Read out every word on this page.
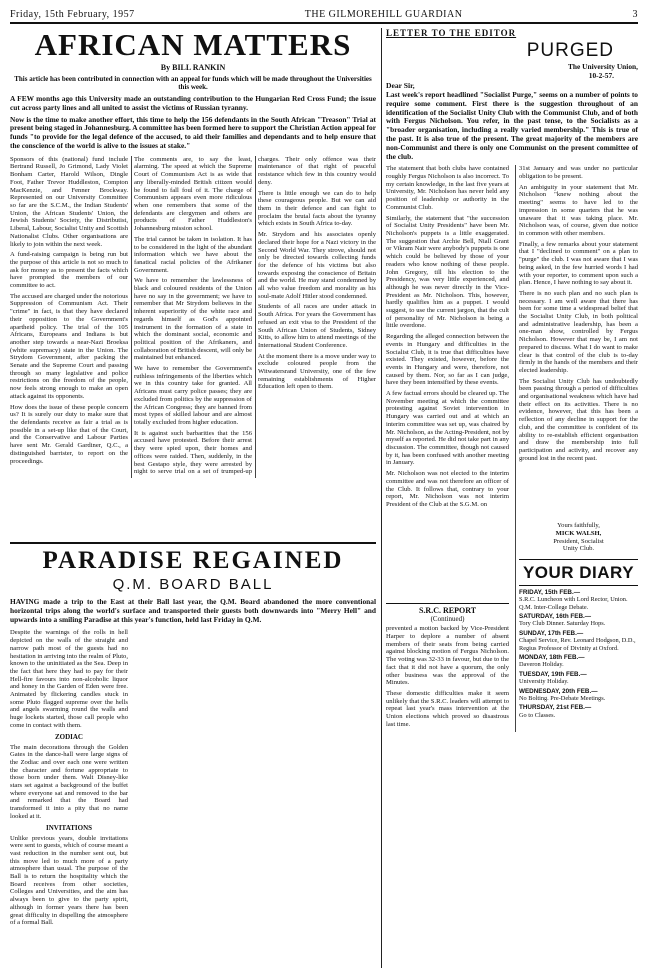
Friday, 15th February, 1957	THE GILMOREHILL GUARDIAN	3
AFRICAN MATTERS
By BILL RANKIN
This article has been contributed in connection with an appeal for funds which will be made throughout the Universities this week.

A FEW months ago this University made an outstanding contribution to the Hungarian Red Cross Fund; the issue cut across party lines and all united to assist the victims of Russian tyranny.

Now is the time to make another effort, this time to help the 156 defendants in the South African "Treason" Trial at present being staged in Johannesburg. A committee has been formed here to support the Christian Action appeal for funds "to provide for the legal defence of the accused, to aid their families and dependants and to help ensure that the conscience of the world is alive to the issues at stake."

Sponsors of this (national) fund include Bertrand Russell, Jo Grimond, Lady Violet Bonham Carter, Harold Wilson, Dingle Foot, Father Trevor Huddleston, Compton MacKenzie, and Fenner Brockway. Represented on our University Committee so far are the S.C.M., the Indian Students' Union, the African Students' Union, the Jewish Students' Society, the Distributist, Liberal, Labour, Socialist Unity and Scottish Nationalist Clubs. Other organisations are likely to join within the next week.

A fund-raising campaign is being run but the purpose of this article is not so much to ask for money as to present the facts which have prompted the members of our committee to act.

The accused are charged under the notorious Suppression of Communism Act. Their "crime" in fact, is that they have declared their opposition to the Government's apartheid policy. The trial of the 105 Africans, Europeans and Indians is but another step towards a near-Nazi Broeksa (white supremacy) state in the Union. The Strydom Government, after packing the Senate and the Supreme Court and passing through so many legislative and police restrictions on the freedom of the people, now feels strong enough to make an open attack against its opponents.

How does the issue of these people concern us? It is surely our duty to make sure that the defendants receive as fair a trial as is possible in a set-up like that of the Court, and the Conservative and Labour Parties have sent Mr. Gerald Gardiner, Q.C., a distinguished barrister, to report on the proceedings.

The comments are, to say the least, alarming. The speed at which the Supreme Court of Communism Act is as wide that any liberally-minded British citizen would be found to fall foul of it. The charge of Communism appears even more ridiculous when one remembers that some of the defendants are clergymen and others are products of Father Huddleston's Johannesburg mission school.

The trial cannot be taken in isolation. It has to be considered in the light of the abundant information which we have about the fanatical racial policies of the Afrikaner Government.

We have to remember the lawlessness of black and coloured residents of the Union have no say in the government; we have to remember that Mr Strydom believes in the inherent superiority of the white race and regards himself as God's appointed instrument in the formation of a state in which the dominant social, economic and political position of the Afrikaners, and collaboration of British descent, will only be maintained but enhanced.

We have to remember the Government's ruthless infringements of the liberties which we in this country take for granted. All Africans must carry police passes; they are excluded from politics by the suppression of the African Congress; they are banned from most types of skilled labour and are almost totally excluded from higher education.

It is against such barbarities that the 156 accused have protested. Before their arrest they were spied upon, their homes and offices were raided. Then, suddenly, in the best Gestapo style, they were arrested by night to serve trial on a set of trumped-up charges. Their only offence was their maintenance of that right of peaceful resistance which few in this country would deny.

There is little enough we can do to help these courageous people. But we can aid them in their defence and can fight to proclaim the brutal facts about the tyranny which exists in South Africa to-day.

Mr. Strydom and his associates openly declared their hope for a Nazi victory in the Second World War. They strove, should not only be directed towards collecting funds for the defence of his victims but also towards exposing the conscience of Britain and the world. He may stand condemned by all who value freedom and morality as his soul-mate Adolf Hitler stood condemned.

Students of all races are under attack in South Africa. For years the Government has refused an exit visa to the President of the South African Union of Students, Sidney Kitts, to allow him to attend meetings of the International Student Conference.

At the moment there is a move under way to exclude coloured people from the Witwatersrand University, one of the few remaining establishments of Higher Education left open to them.

PARADISE REGAINED
Q.M. BOARD BALL

HAVING made a trip to the East at their Ball last year, the Q.M. Board abandoned the more conventional horizontal trips along the world's surface and transported their guests both downwards into "Merry Hell" and upwards into a smiling Paradise at this year's function, held last Friday in Q.M.

Despite the warnings of the rolls in hell depicted on the walls of the straight and narrow path most of the guests had no hesitation in arriving into the realm of Pluto, known to the uninitiated as the Sea. Deep in the fact that here they had to pay for their Hell-fire favours into non-alcoholic liquor and honey in the Garden of Eden were free. Animated by flickering candles stuck in some Pluto flagged supreme over the hells and angels swarming round the walls and huge lockets started, those call people who come in contact with them.

ZODIAC

The main decorations through the Golden Gates in the dance-hall were large signs of the Zodiac and over each one were written the character and fortune appropriate to those born under them. Walt Disney-like stars set against a background of the buffet where everyone sat and removed to the bar and remarked that the Board had transformed it into a pity that no name looked at it.

INVITATIONS

Unlike previous years, double invitations were sent to guests, which of course meant a vast reduction in the number sent out, but this move led to much more of a party atmosphere than usual. The purpose of the Ball is to return the hospitality which the Board receives from other societies, Colleges and Universities, and the aim has always been to give to the party spirit, although in former years there has been great difficulty in dispelling the atmosphere of a formal Ball.

LETTER TO THE EDITOR
PURGED
The University Union,
10-2-57.
Dear Sir,

Last week's report headlined "Socialist Purge," seems on a number of points to require some comment. First there is the suggestion throughout of an identification of the Socialist Unity Club with the Communist Club, and of both with Fergus Nicholson. You refer, in the past tense, to the Socialists as a "broader organisation, including a really varied membership." This is true of the past. It is also true of the present. The great majority of the members are non-Communist and there is only one Communist on the present committee of the club.

The statement that both clubs have contained roughly Fergus Nicholson is also incorrect. To my certain knowledge, in the last five years at University, Mr. Nicholson has never held any position of leadership or authority in the Communist Club.

Similarly, the statement that "the succession of Socialist Unity Presidents" have been Mr. Nicholson's puppets is a little exaggerated. The suggestion that Archie Bell, Niall Grant or Vikram Nair were anybody's puppets is one which could be believed by those of your readers who know nothing of these people. John Gregory, till his election to the Presidency, was very little experienced, and although he was never directly in the Vice-President as Mr. Nicholson. This, however, hardly qualifies him as a puppet. I would suggest, to use the current jargon, that the cult of personality of Mr. Nicholson is being a little overdone.

Regarding the alleged connection between the events in Hungary and difficulties in the Socialist Club, it is true that difficulties have existed. They existed, however, before the events in Hungary and were, therefore, not caused by them. Nor, so far as I can judge, have they been intensified by these events.

A few factual errors should be cleared up. The November meeting at which the committee protesting against Soviet intervention in Hungary was carried out and at which an interim committee was set up, was chaired by Mr. Nicholson, as the Acting-President, not by myself as reported. He did not take part in any discussion. The committee, though not caused by it, has been confused with another meeting in January.

Mr. Nicholson was not elected to the interim committee and was not therefore an officer of the Club. It follows that, contrary to your report, Mr. Nicholson was not interim President of the Club at the S.G.M. on

S.R.C. REPORT
(Continued)

prevented a motion backed by Vice-President Harper to deplore a number of absent members of their seats from being carried against blocking motion of Fergus Nicholson. The voting was 32-33 in favour, but due to the fact that it did not have a quorum, the only other business was the approval of the Minutes.

These domestic difficulties make it seem unlikely that the S.R.C. leaders will attempt to repeat last year's mass intervention at the Union elections which proved so disastrous last time.

31st January and was under no particular obligation to be present.

An ambiguity in your statement that Mr. Nicholson "knew nothing about the meeting" seems to have led to the impression in some quarters that he was unaware that it was taking place. Mr. Nicholson was, of course, given due notice in common with other members.

Finally, a few remarks about your statement that I "declined to comment" on a plan to "purge" the club. I was not aware that I was being asked, in the few hurried words I had with your reporter, to comment upon such a plan. Hence, I have nothing to say about it.

There is no such plan and no such plan is necessary. I am well aware that there has been for some time a widespread belief that the Socialist Unity Club, in both political and administrative leadership, has been a one-man show, controlled by Fergus Nicholson. However that may be, I am not prepared to discuss. What I do want to make clear is that control of the club is to-day firmly in the hands of the members and their elected leadership.

The Socialist Unity Club has undoubtedly been passing through a period of difficulties and organisational weakness which have had their effect on its activities. There is no evidence, however, that this has been a reflection of any decline in support for the club, and the committee is confident of its ability to re-establish efficient organisation and draw the membership into full participation and activity, and recover any ground lost in the recent past.

Yours faithfully,
MICK WALSH,
President, Socialist
Unity Club.
YOUR DIARY

FRIDAY, 15th FEB.—
S.R.C. Luncheon with Lord Rector, Union. Q.M. Inter-College Debate.

SATURDAY, 16th FEB.—
Tory Club Dinner. Saturday Hops.

SUNDAY, 17th FEB.—
Chapel Service, Rev. Leonard Hodgson, D.D., Regius Professor of Divinity at Oxford.

MONDAY, 18th FEB.—
Daveron Holiday.

TUESDAY, 19th FEB.—
University Holiday.

WEDNESDAY, 20th FEB.—
No Bolting. Pre-Debate Meetings.

THURSDAY, 21st FEB.—
Go to Classes.
